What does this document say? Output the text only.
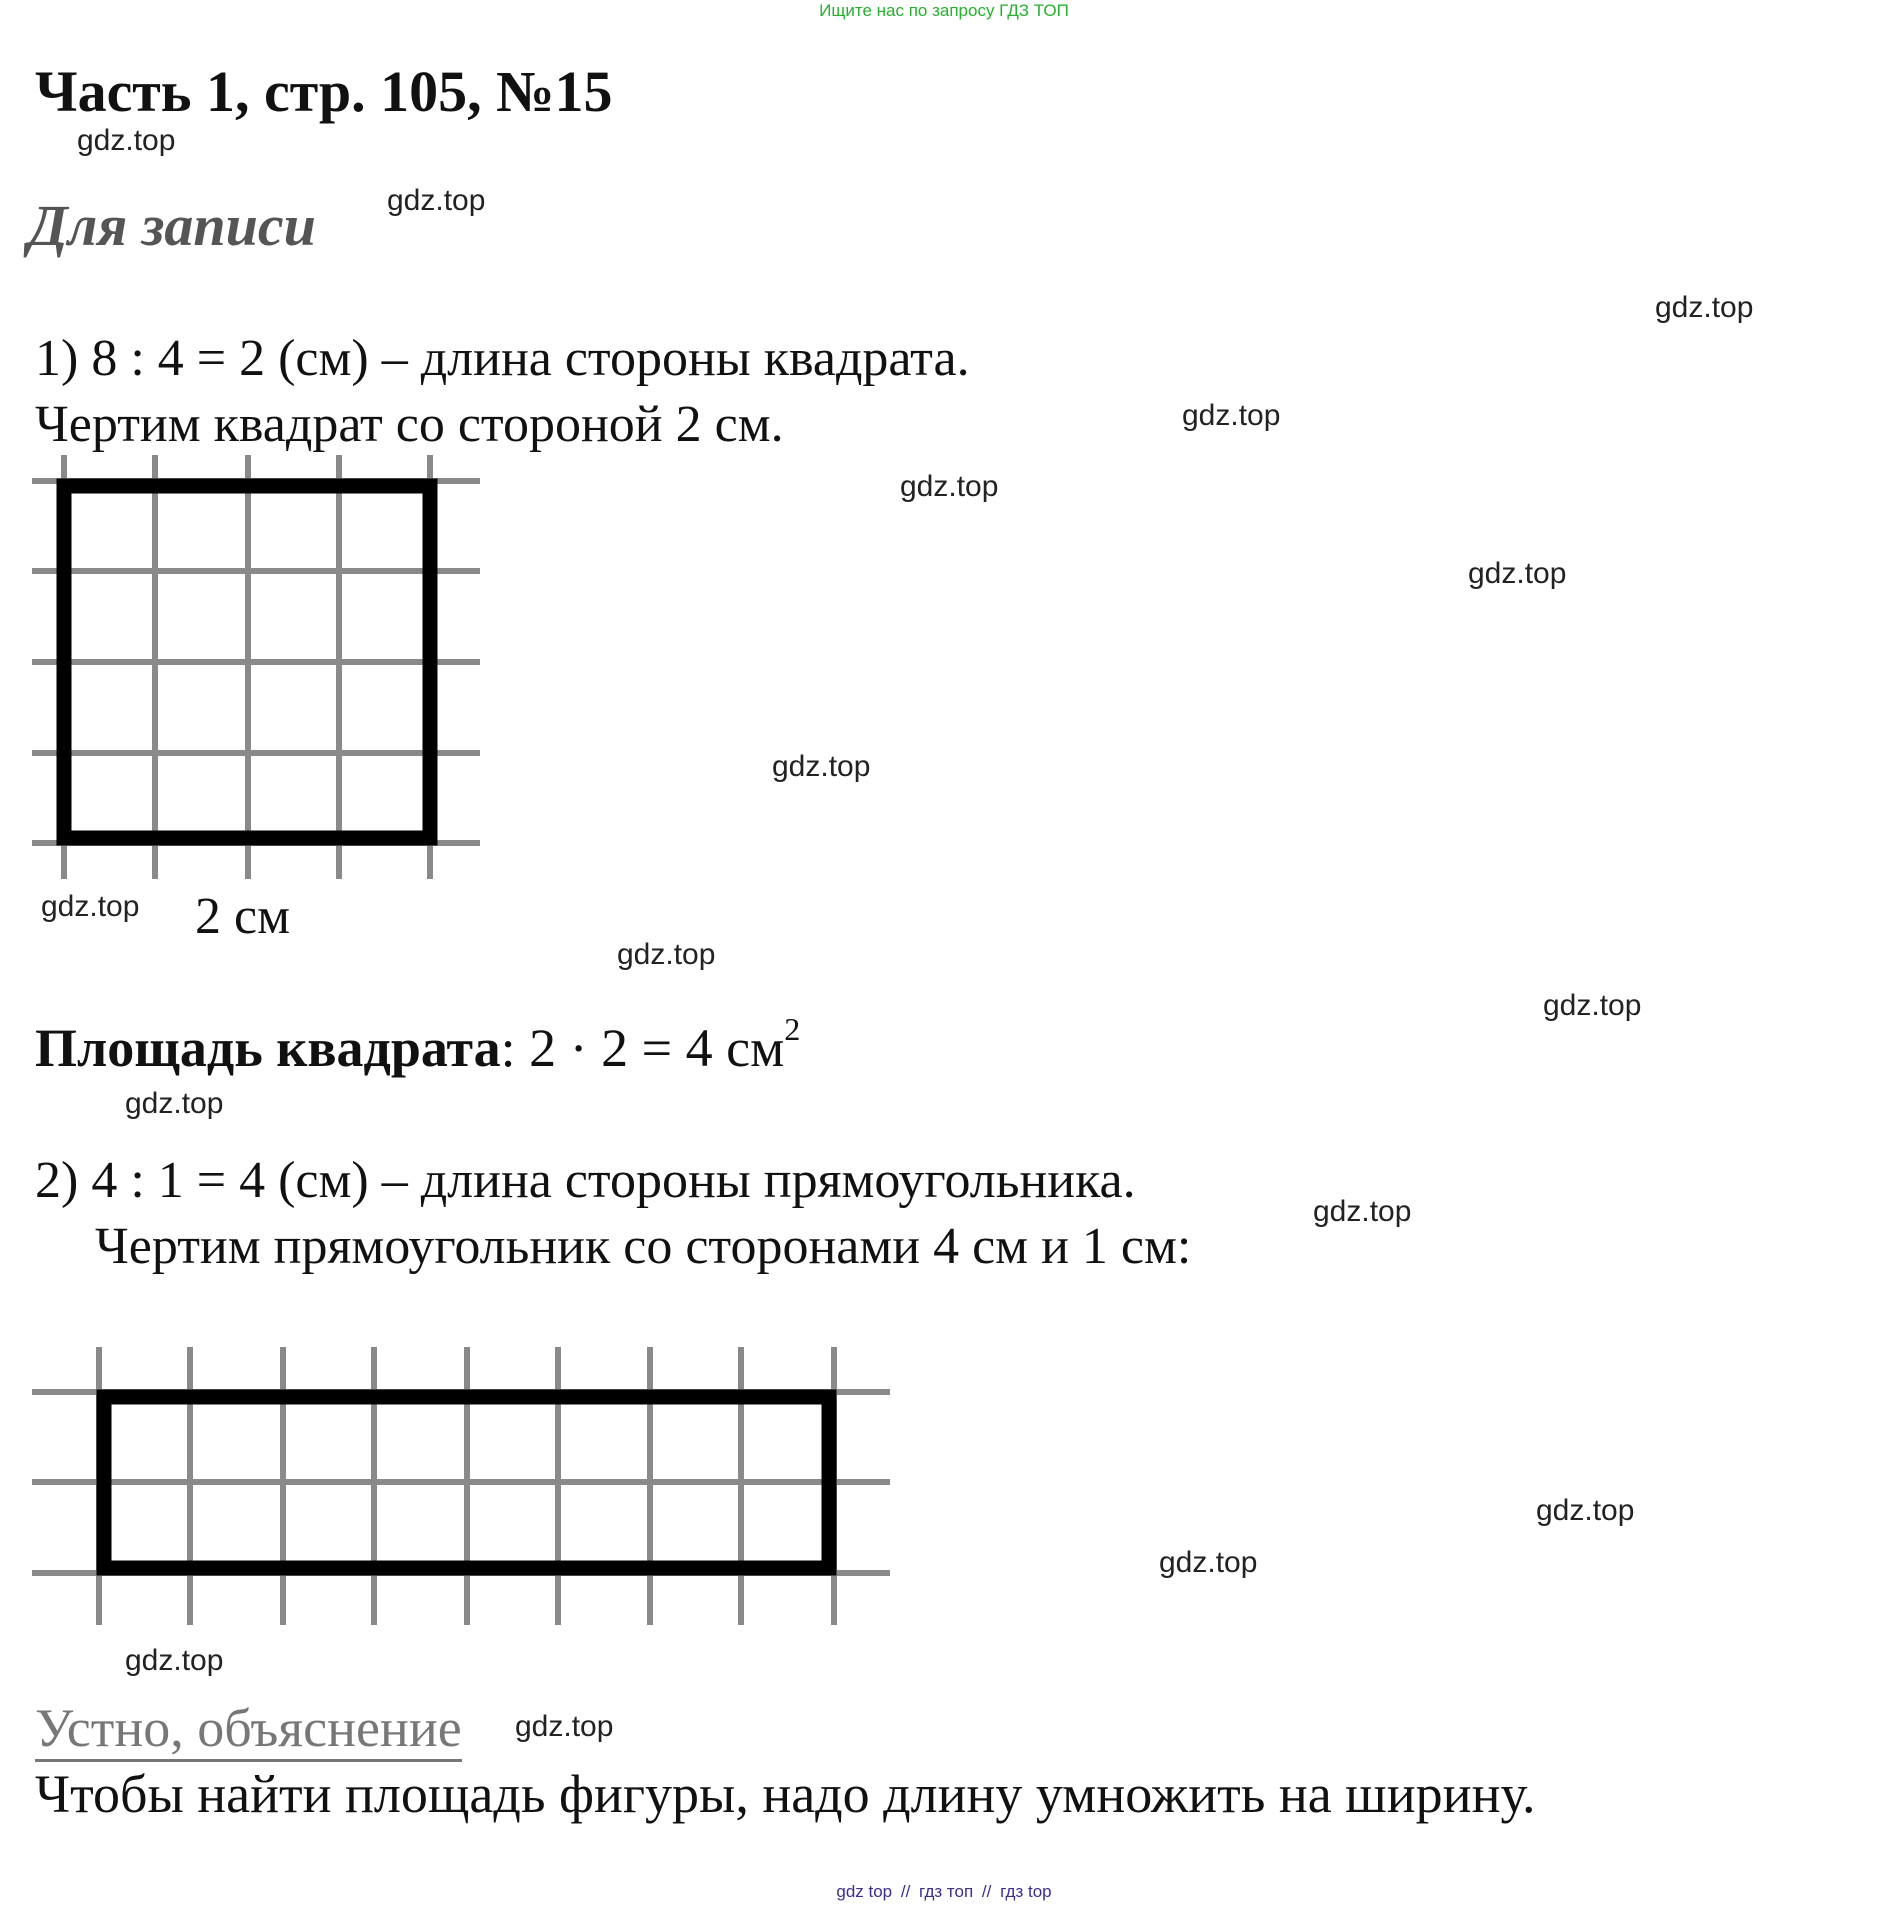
Ищите нас по запросу ГДЗ ТОП
Часть 1, стр. 105, №15
gdz.top
Для записи gdz.top
gdz.top
1) 8 : 4 = 2 (см) – длина стороны квадрата.
gdz.top
Чертим квадрат со стороной 2 см.
gdz.top
gdz.top
gdz.top
gdz.top 2 см
gdz.top
gdz.top
Площадь квадрата: 2 · 2 = 4 $см^2$
gdz.top
2) 4 : 1 = 4 (см) – длина стороны прямоугольника.
gdz.top
Чертим прямоугольник со сторонами 4 см и 1 см:
gdz.top
gdz.top
gdz.top
Устно, объяснение gdz.top
Чтобы найти площадь фигуры, надо длину умножить на ширину.
gdz top // гдз топ // гдз top
